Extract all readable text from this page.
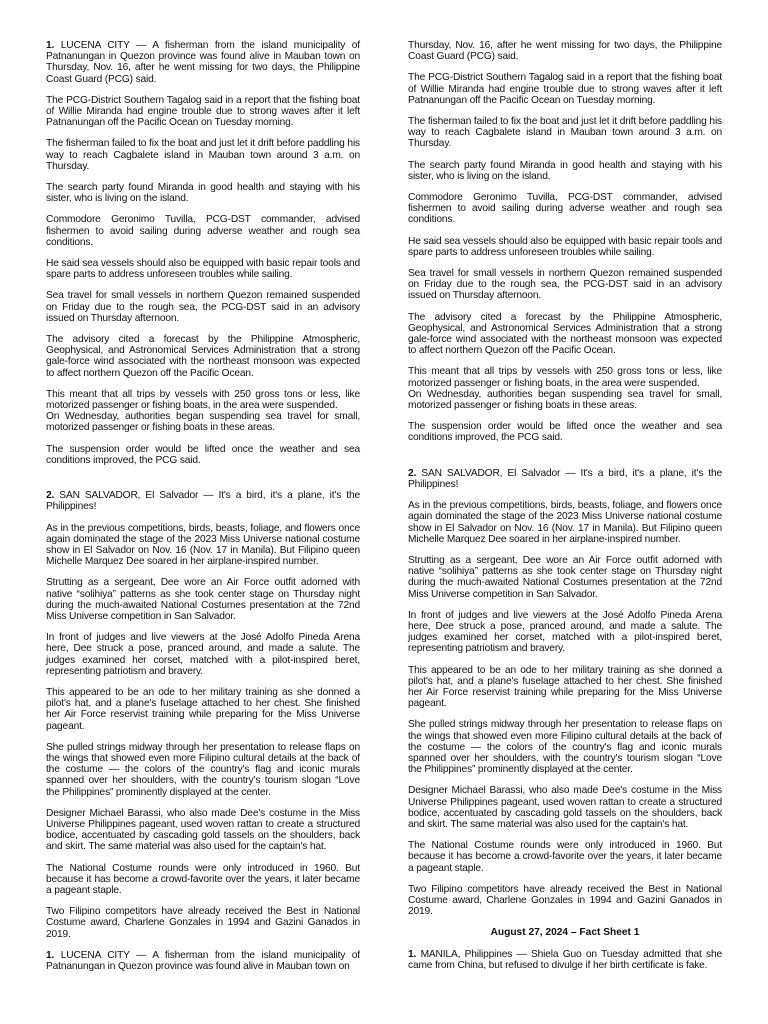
1. LUCENA CITY — A fisherman from the island municipality of Patnanungan in Quezon province was found alive in Mauban town on Thursday, Nov. 16, after he went missing for two days, the Philippine Coast Guard (PCG) said.

The PCG-District Southern Tagalog said in a report that the fishing boat of Willie Miranda had engine trouble due to strong waves after it left Patnanungan off the Pacific Ocean on Tuesday morning.

The fisherman failed to fix the boat and just let it drift before paddling his way to reach Cagbalete island in Mauban town around 3 a.m. on Thursday.

The search party found Miranda in good health and staying with his sister, who is living on the island.

Commodore Geronimo Tuvilla, PCG-DST commander, advised fishermen to avoid sailing during adverse weather and rough sea conditions.

He said sea vessels should also be equipped with basic repair tools and spare parts to address unforeseen troubles while sailing.

Sea travel for small vessels in northern Quezon remained suspended on Friday due to the rough sea, the PCG-DST said in an advisory issued on Thursday afternoon.

The advisory cited a forecast by the Philippine Atmospheric, Geophysical, and Astronomical Services Administration that a strong gale-force wind associated with the northeast monsoon was expected to affect northern Quezon off the Pacific Ocean.

This meant that all trips by vessels with 250 gross tons or less, like motorized passenger or fishing boats, in the area were suspended.

On Wednesday, authorities began suspending sea travel for small, motorized passenger or fishing boats in these areas.

The suspension order would be lifted once the weather and sea conditions improved, the PCG said.

2. SAN SALVADOR, El Salvador — It's a bird, it's a plane, it's the Philippines!

As in the previous competitions, birds, beasts, foliage, and flowers once again dominated the stage of the 2023 Miss Universe national costume show in El Salvador on Nov. 16 (Nov. 17 in Manila). But Filipino queen Michelle Marquez Dee soared in her airplane-inspired number.

Strutting as a sergeant, Dee wore an Air Force outfit adorned with native “solihiya” patterns as she took center stage on Thursday night during the much-awaited National Costumes presentation at the 72nd Miss Universe competition in San Salvador.

In front of judges and live viewers at the José Adolfo Pineda Arena here, Dee struck a pose, pranced around, and made a salute. The judges examined her corset, matched with a pilot-inspired beret, representing patriotism and bravery.

This appeared to be an ode to her military training as she donned a pilot's hat, and a plane's fuselage attached to her chest. She finished her Air Force reservist training while preparing for the Miss Universe pageant.

She pulled strings midway through her presentation to release flaps on the wings that showed even more Filipino cultural details at the back of the costume — the colors of the country's flag and iconic murals spanned over her shoulders, with the country's tourism slogan “Love the Philippines” prominently displayed at the center.

Designer Michael Barassi, who also made Dee's costume in the Miss Universe Philippines pageant, used woven rattan to create a structured bodice, accentuated by cascading gold tassels on the shoulders, back and skirt. The same material was also used for the captain's hat.

The National Costume rounds were only introduced in 1960. But because it has become a crowd-favorite over the years, it later became a pageant staple.

Two Filipino competitors have already received the Best in National Costume award, Charlene Gonzales in 1994 and Gazini Ganados in 2019.

1. LUCENA CITY — A fisherman from the island municipality of Patnanungan in Quezon province was found alive in Mauban town on

Thursday, Nov. 16, after he went missing for two days, the Philippine Coast Guard (PCG) said.

The PCG-District Southern Tagalog said in a report that the fishing boat of Willie Miranda had engine trouble due to strong waves after it left Patnanungan off the Pacific Ocean on Tuesday morning.

The fisherman failed to fix the boat and just let it drift before paddling his way to reach Cagbalete island in Mauban town around 3 a.m. on Thursday.

The search party found Miranda in good health and staying with his sister, who is living on the island.

Commodore Geronimo Tuvilla, PCG-DST commander, advised fishermen to avoid sailing during adverse weather and rough sea conditions.

He said sea vessels should also be equipped with basic repair tools and spare parts to address unforeseen troubles while sailing.

Sea travel for small vessels in northern Quezon remained suspended on Friday due to the rough sea, the PCG-DST said in an advisory issued on Thursday afternoon.

The advisory cited a forecast by the Philippine Atmospheric, Geophysical, and Astronomical Services Administration that a strong gale-force wind associated with the northeast monsoon was expected to affect northern Quezon off the Pacific Ocean.

This meant that all trips by vessels with 250 gross tons or less, like motorized passenger or fishing boats, in the area were suspended.

On Wednesday, authorities began suspending sea travel for small, motorized passenger or fishing boats in these areas.

The suspension order would be lifted once the weather and sea conditions improved, the PCG said.

2. SAN SALVADOR, El Salvador — It's a bird, it's a plane, it's the Philippines!

As in the previous competitions, birds, beasts, foliage, and flowers once again dominated the stage of the 2023 Miss Universe national costume show in El Salvador on Nov. 16 (Nov. 17 in Manila). But Filipino queen Michelle Marquez Dee soared in her airplane-inspired number.

Strutting as a sergeant, Dee wore an Air Force outfit adorned with native “solihiya” patterns as she took center stage on Thursday night during the much-awaited National Costumes presentation at the 72nd Miss Universe competition in San Salvador.

In front of judges and live viewers at the José Adolfo Pineda Arena here, Dee struck a pose, pranced around, and made a salute. The judges examined her corset, matched with a pilot-inspired beret, representing patriotism and bravery.

This appeared to be an ode to her military training as she donned a pilot's hat, and a plane's fuselage attached to her chest. She finished her Air Force reservist training while preparing for the Miss Universe pageant.

She pulled strings midway through her presentation to release flaps on the wings that showed even more Filipino cultural details at the back of the costume — the colors of the country's flag and iconic murals spanned over her shoulders, with the country's tourism slogan “Love the Philippines” prominently displayed at the center.

Designer Michael Barassi, who also made Dee's costume in the Miss Universe Philippines pageant, used woven rattan to create a structured bodice, accentuated by cascading gold tassels on the shoulders, back and skirt. The same material was also used for the captain's hat.

The National Costume rounds were only introduced in 1960. But because it has become a crowd-favorite over the years, it later became a pageant staple.

Two Filipino competitors have already received the Best in National Costume award, Charlene Gonzales in 1994 and Gazini Ganados in 2019.

August 27, 2024 – Fact Sheet 1

1. MANILA, Philippines — Shiela Guo on Tuesday admitted that she came from China, but refused to divulge if her birth certificate is fake.
